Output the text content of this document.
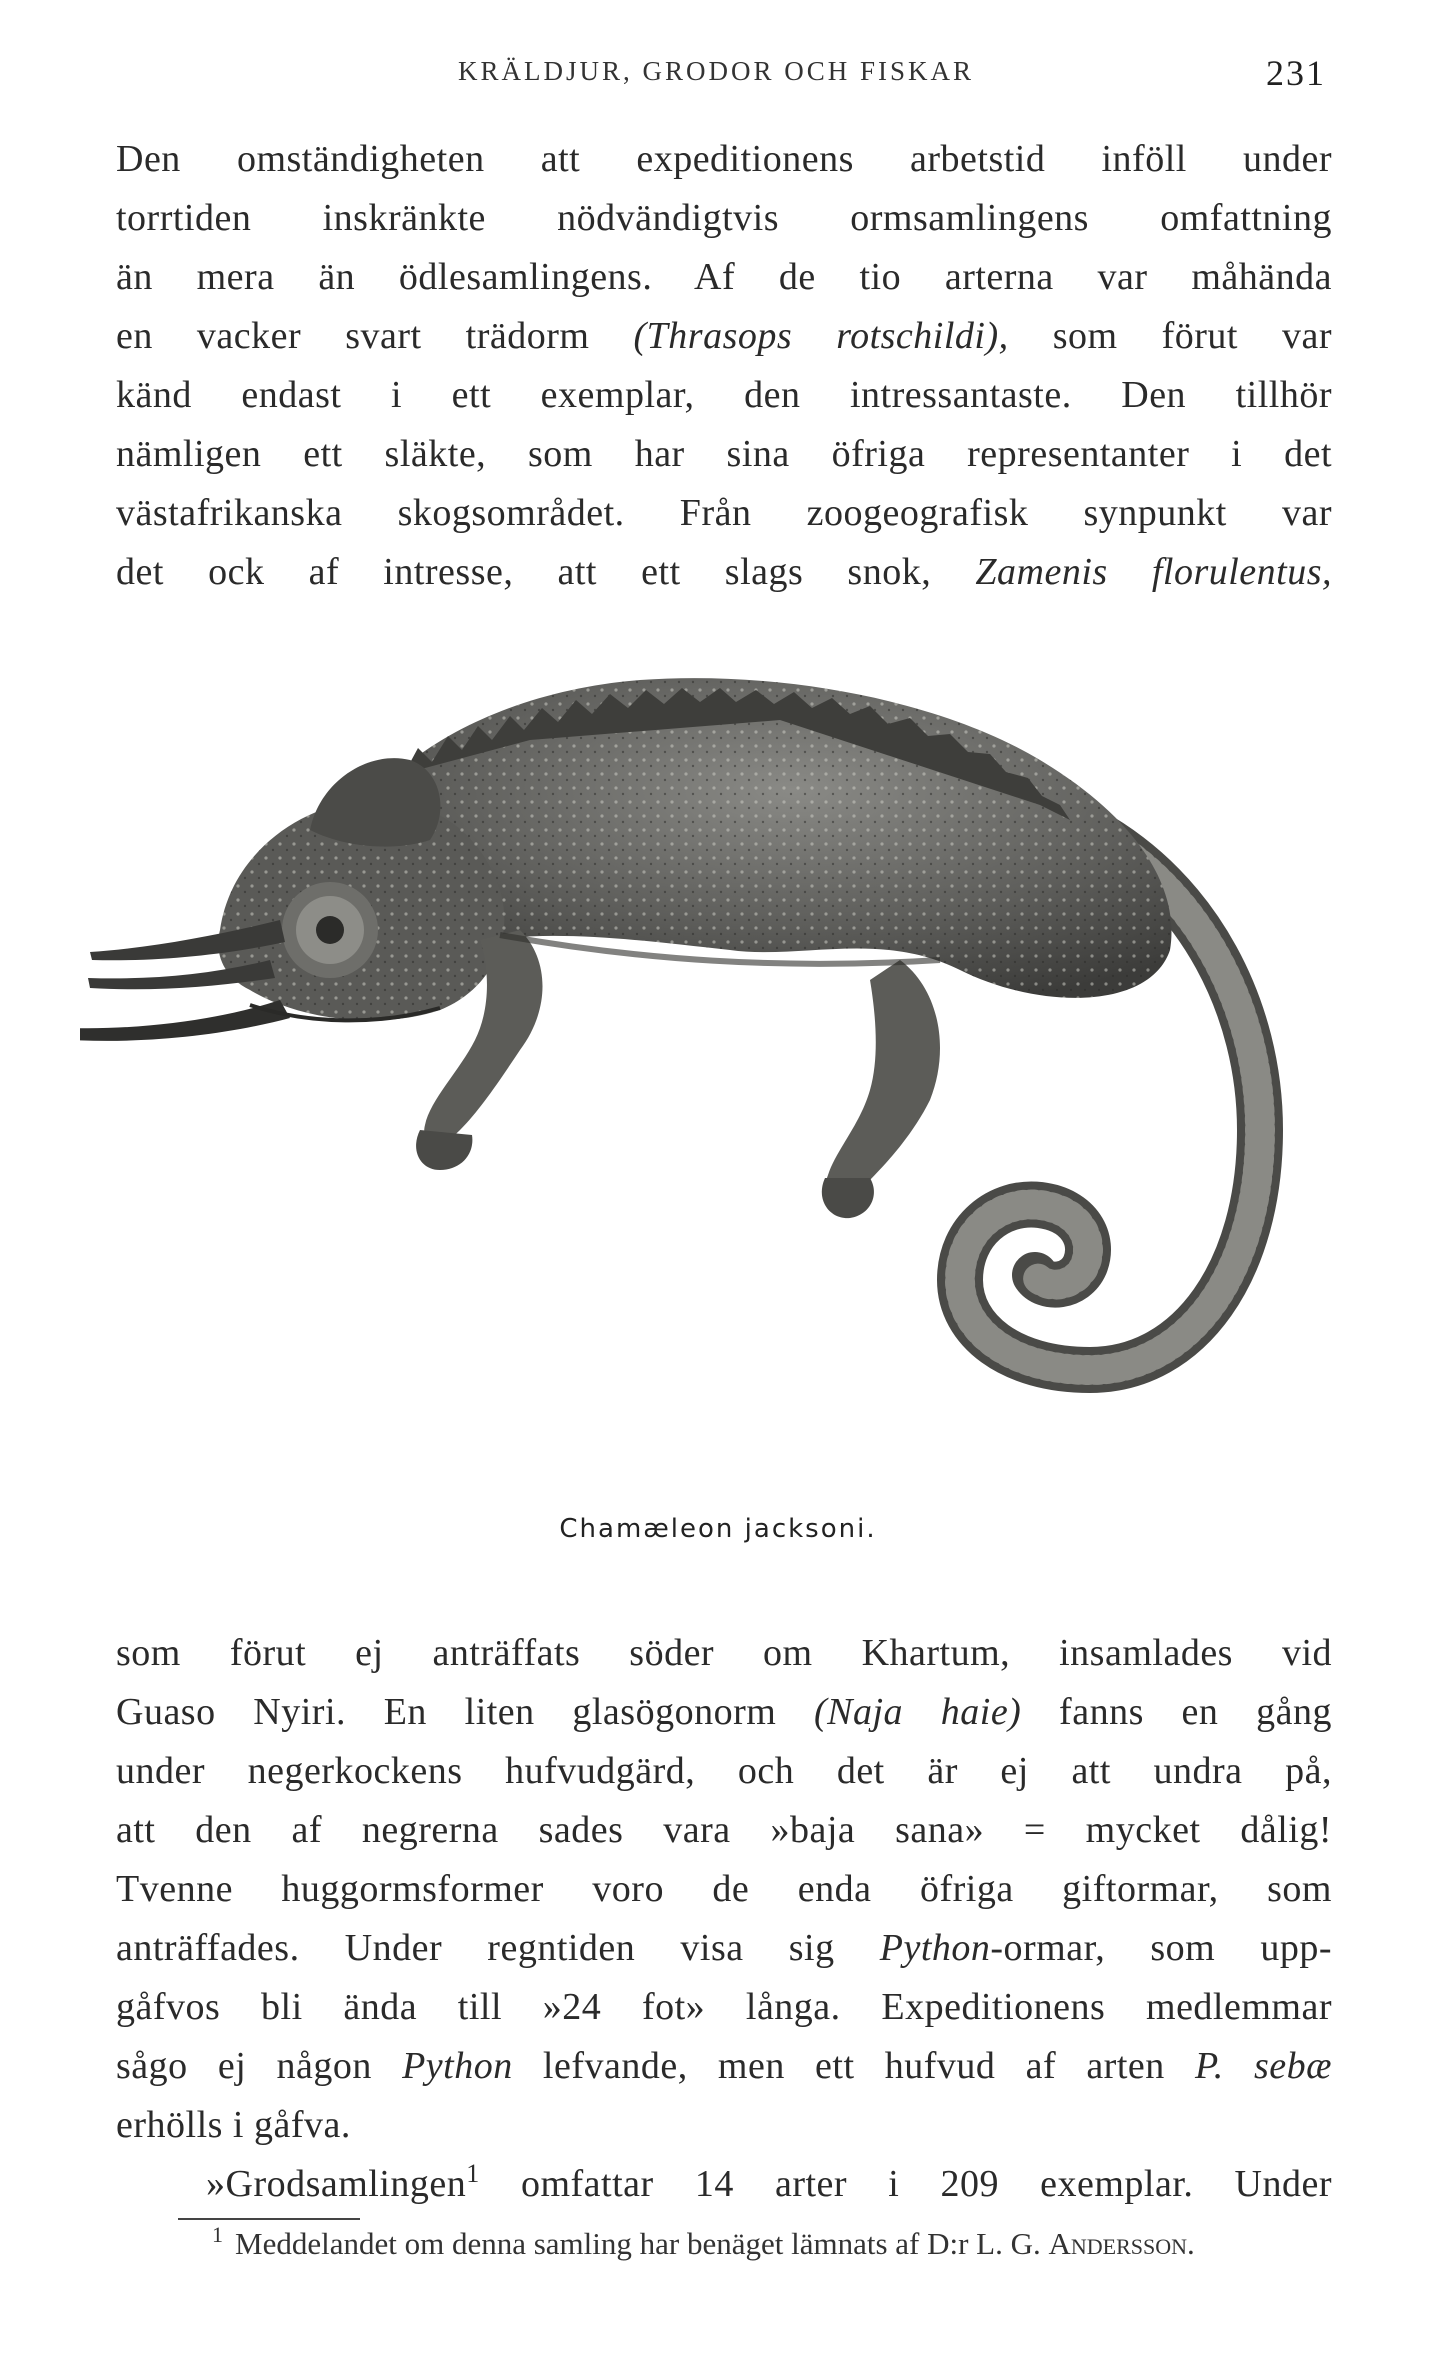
KRÄLDJUR, GRODOR OCH FISKAR	231
Den omständigheten att expeditionens arbetstid inföll under
torrtiden inskränkte nödvändigtvis ormsamlingens omfattning
än mera än ödlesamlingens. Af de tio arterna var måhända
en vacker svart trädorm (Thrasops rotschildi), som förut var
känd endast i ett exemplar, den intressantaste. Den tillhör
nämligen ett släkte, som har sina öfriga representanter i det
västafrikanska skogsområdet. Från zoogeografisk synpunkt var
det ock af intresse, att ett slags snok, Zamenis florulentus,
Chamæleon jacksoni.
som förut ej anträffats söder om Khartum, insamlades vid
Guaso Nyiri. En liten glasögonorm (Naja haie) fanns en gång
under negerkockens hufvudgärd, och det är ej att undra på,
att den af negrerna sades vara »baja sana» = mycket dålig!
Tvenne huggormsformer voro de enda öfriga giftormar, som
anträffades. Under regntiden visa sig Python-ormar, som upp-
gåfvos bli ända till »24 fot» långa. Expeditionens medlemmar
sågo ej någon Python lefvande, men ett hufvud af arten P. sebæ
erhölls i gåfva.
»Grodsamlingen$^1$ omfattar 14 arter i 209 exemplar. Under
$^1$ Meddelandet om denna samling har benäget lämnats af D:r L. G. Andersson.
